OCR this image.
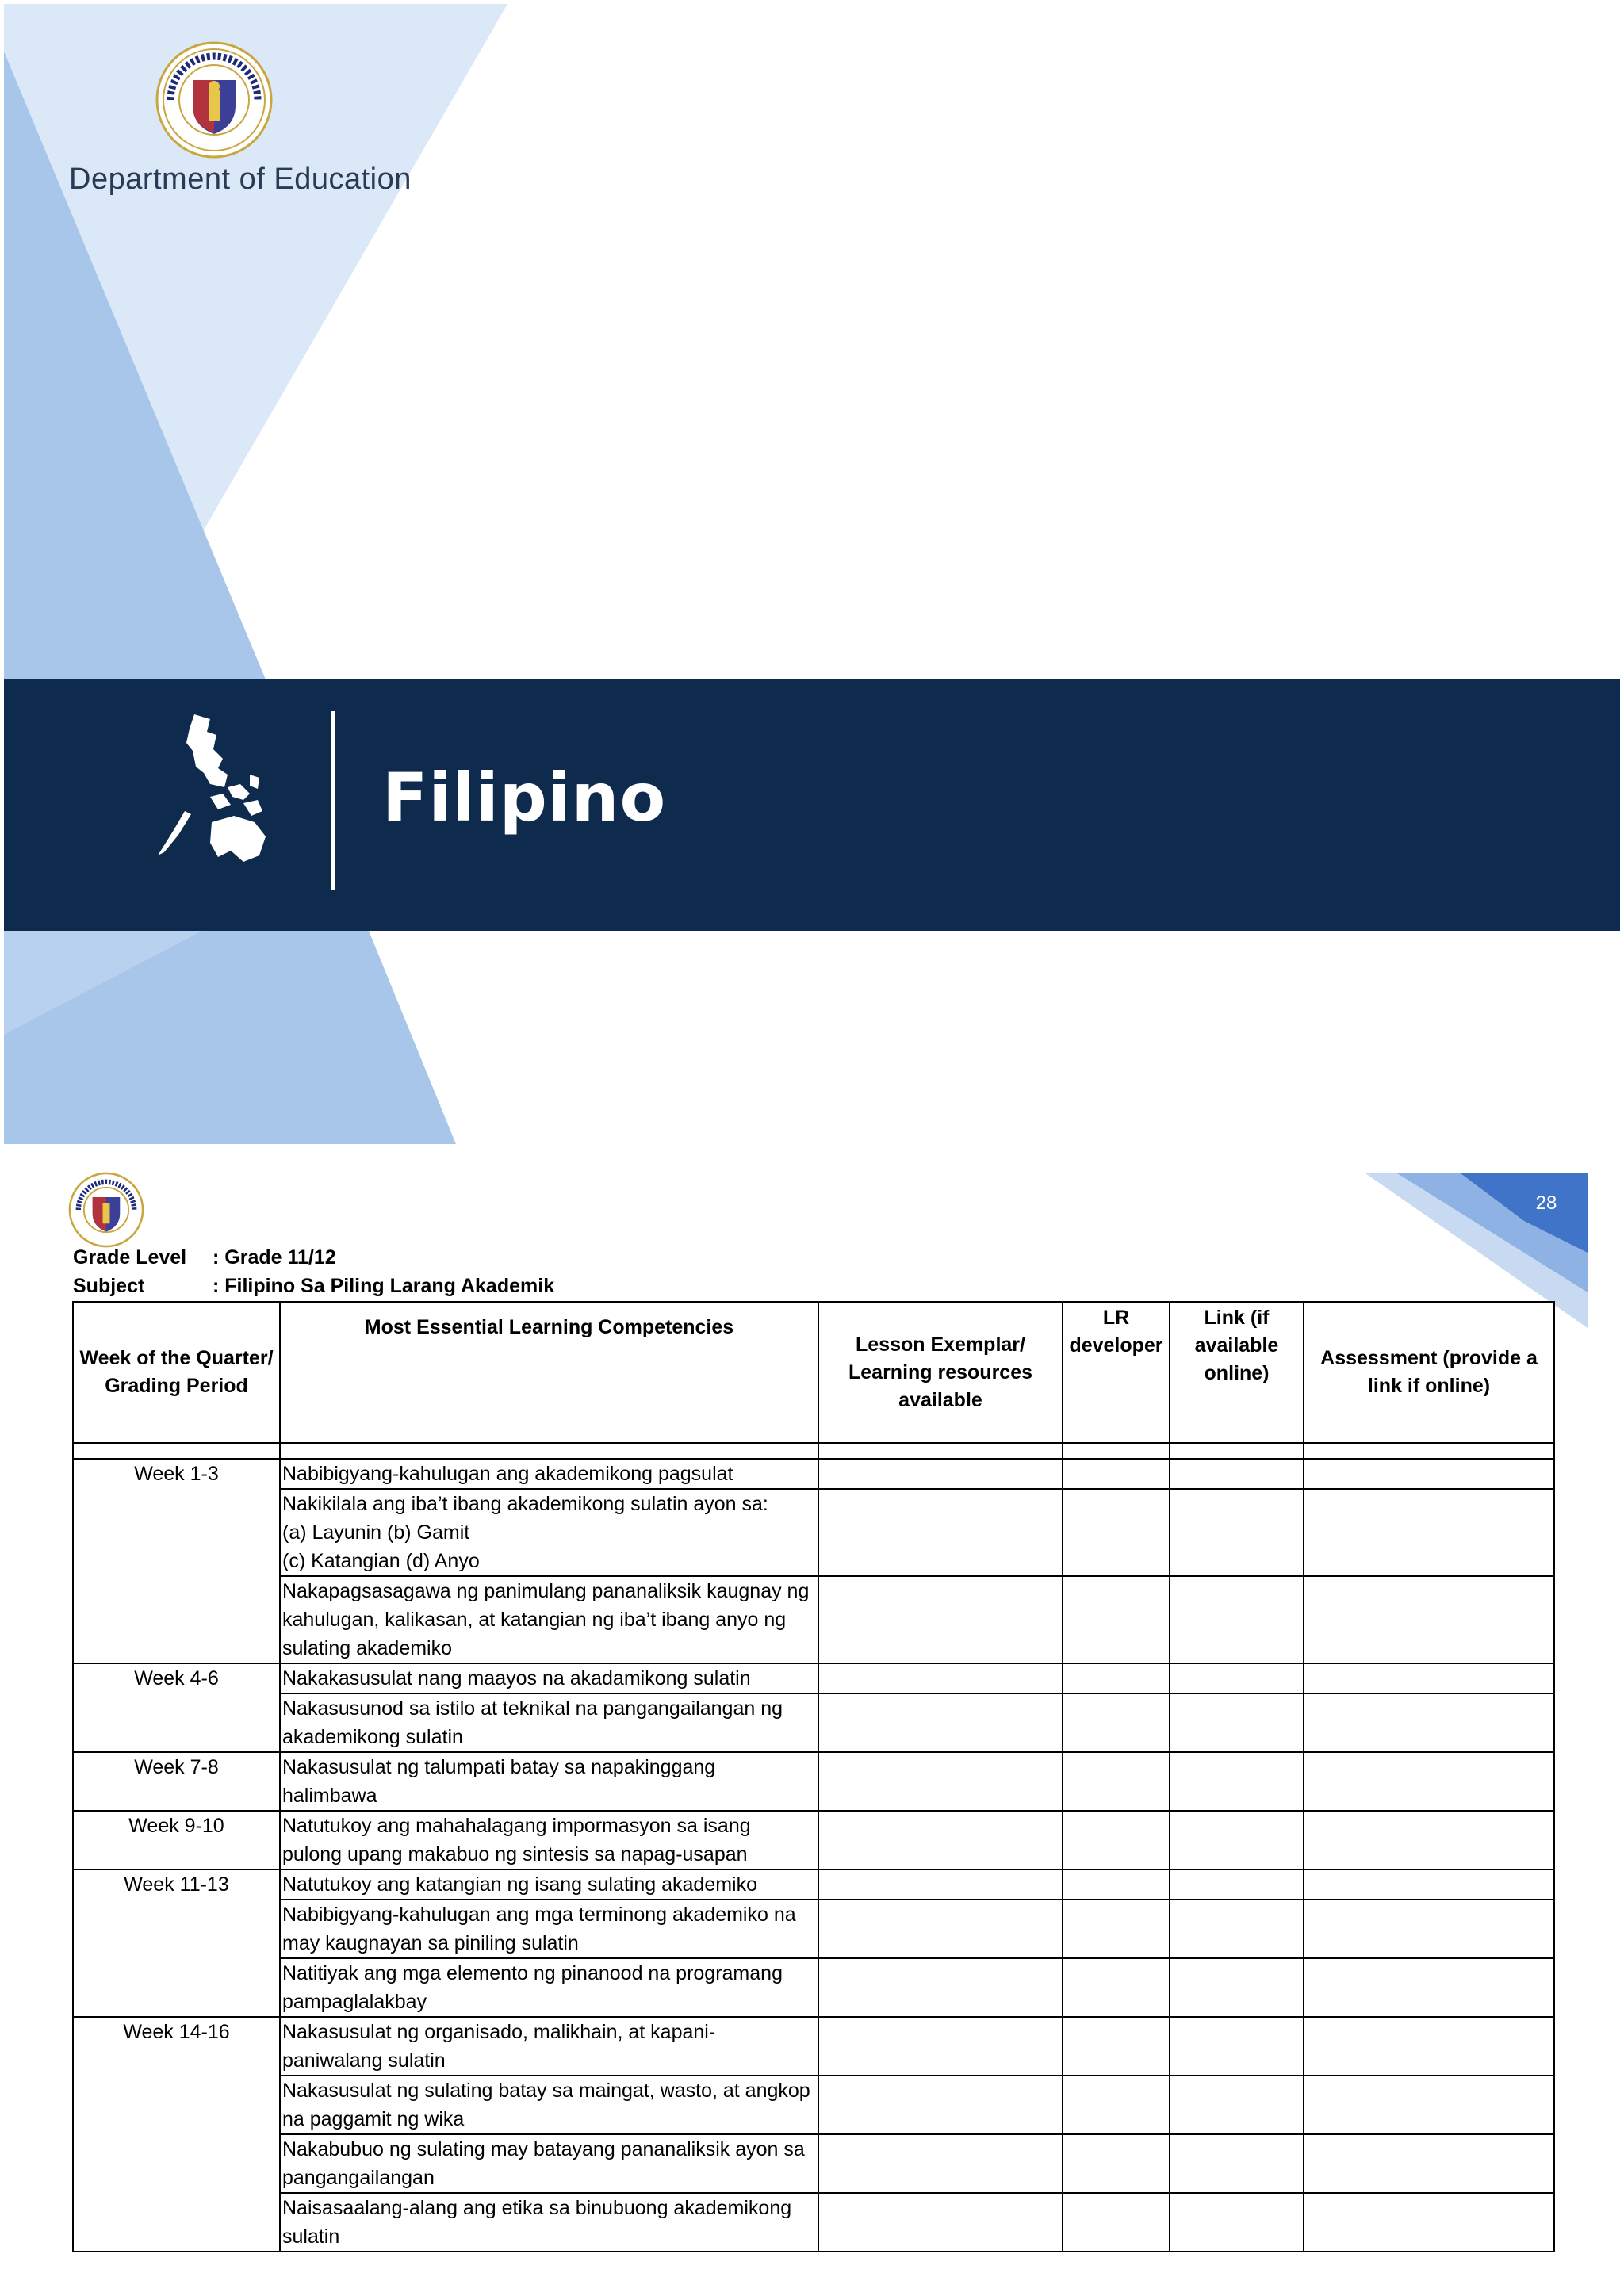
Department of Education
Filipino
28
Grade Level : Grade 11/12
Subject	: Filipino Sa Piling Larang Akademik
Week of the Quarter/ Grading Period	Most Essential Learning Competencies	Lesson Exemplar/ Learning resources available	LR developer	Link (if available online)	Assessment (provide a link if online)

Week 1-3	Nabibigyang-kahulugan ang akademikong pagsulat				
	Nakikilala ang iba’t ibang akademikong sulatin ayon sa:
(a) Layunin (b) Gamit
(c) Katangian (d) Anyo				
	Nakapagsasagawa ng panimulang pananaliksik kaugnay ng kahulugan, kalikasan, at katangian ng iba’t ibang anyo ng sulating akademiko				
Week 4-6	Nakakasusulat nang maayos na akadamikong sulatin				
	Nakasusunod sa istilo at teknikal na pangangailangan ng akademikong sulatin				
Week 7-8	Nakasusulat ng talumpati batay sa napakinggang halimbawa				
Week 9-10	Natutukoy ang mahahalagang impormasyon sa isang pulong upang makabuo ng sintesis sa napag-usapan				
Week 11-13	Natutukoy ang katangian ng isang sulating akademiko				
	Nabibigyang-kahulugan ang mga terminong akademiko na may kaugnayan sa piniling sulatin				
	Natitiyak ang mga elemento ng pinanood na programang pampaglalakbay				
Week 14-16	Nakasusulat ng organisado, malikhain, at kapani-paniwalang sulatin				
	Nakasusulat ng sulating batay sa maingat, wasto, at angkop na paggamit ng wika				
	Nakabubuo ng sulating may batayang pananaliksik ayon sa pangangailangan				
	Naisasaalang-alang ang etika sa binubuong akademikong sulatin				
